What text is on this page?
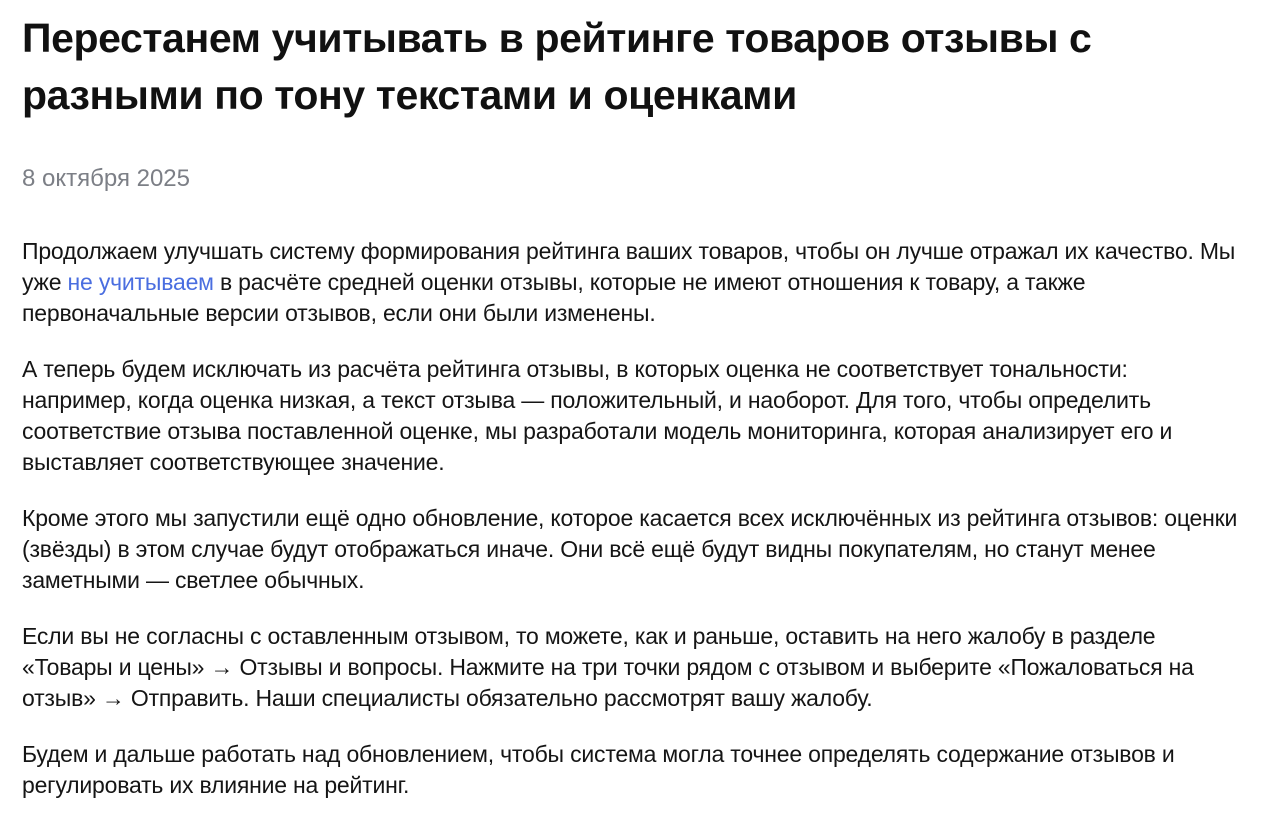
Перестанем учитывать в рейтинге товаров отзывы с разными по тону текстами и оценками
8 октября 2025

Продолжаем улучшать систему формирования рейтинга ваших товаров, чтобы он лучше отражал их качество. Мы уже не учитываем в расчёте средней оценки отзывы, которые не имеют отношения к товару, а также первоначальные версии отзывов, если они были изменены.

А теперь будем исключать из расчёта рейтинга отзывы, в которых оценка не соответствует тональности: например, когда оценка низкая, а текст отзыва — положительный, и наоборот. Для того, чтобы определить соответствие отзыва поставленной оценке, мы разработали модель мониторинга, которая анализирует его и выставляет соответствующее значение.

Кроме этого мы запустили ещё одно обновление, которое касается всех исключённых из рейтинга отзывов: оценки (звёзды) в этом случае будут отображаться иначе. Они всё ещё будут видны покупателям, но станут менее заметными — светлее обычных.

Если вы не согласны с оставленным отзывом, то можете, как и раньше, оставить на него жалобу в разделе «Товары и цены» → Отзывы и вопросы. Нажмите на три точки рядом с отзывом и выберите «Пожаловаться на отзыв» → Отправить. Наши специалисты обязательно рассмотрят вашу жалобу.

Будем и дальше работать над обновлением, чтобы система могла точнее определять содержание отзывов и регулировать их влияние на рейтинг.
